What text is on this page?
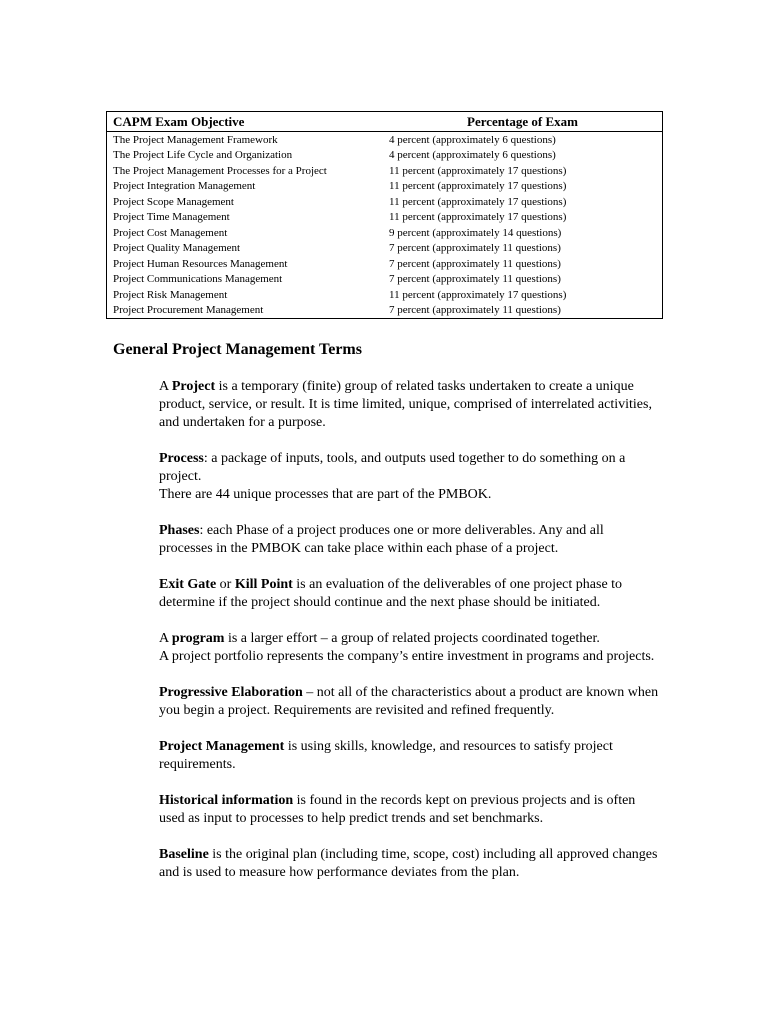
CAPM Exam Objective	Percentage of Exam
The Project Management Framework	4 percent (approximately 6 questions)
The Project Life Cycle and Organization	4 percent (approximately 6 questions)
The Project Management Processes for a Project	11 percent (approximately 17 questions)
Project Integration Management	11 percent (approximately 17 questions)
Project Scope Management	11 percent (approximately 17 questions)
Project Time Management	11 percent (approximately 17 questions)
Project Cost Management	9 percent (approximately 14 questions)
Project Quality Management	7 percent (approximately 11 questions)
Project Human Resources Management	7 percent (approximately 11 questions)
Project Communications Management	7 percent (approximately 11 questions)
Project Risk Management	11 percent (approximately 17 questions)
Project Procurement Management	7 percent (approximately 11 questions)
General Project Management Terms

A Project is a temporary (finite) group of related tasks undertaken to create a unique product, service, or result. It is time limited, unique, comprised of interrelated activities, and undertaken for a purpose.

Process: a package of inputs, tools, and outputs used together to do something on a project.
There are 44 unique processes that are part of the PMBOK.

Phases: each Phase of a project produces one or more deliverables. Any and all processes in the PMBOK can take place within each phase of a project.

Exit Gate or Kill Point is an evaluation of the deliverables of one project phase to determine if the project should continue and the next phase should be initiated.

A program is a larger effort – a group of related projects coordinated together.
A project portfolio represents the company’s entire investment in programs and projects.

Progressive Elaboration – not all of the characteristics about a product are known when you begin a project. Requirements are revisited and refined frequently.

Project Management is using skills, knowledge, and resources to satisfy project requirements.

Historical information is found in the records kept on previous projects and is often used as input to processes to help predict trends and set benchmarks.

Baseline is the original plan (including time, scope, cost) including all approved changes and is used to measure how performance deviates from the plan.
